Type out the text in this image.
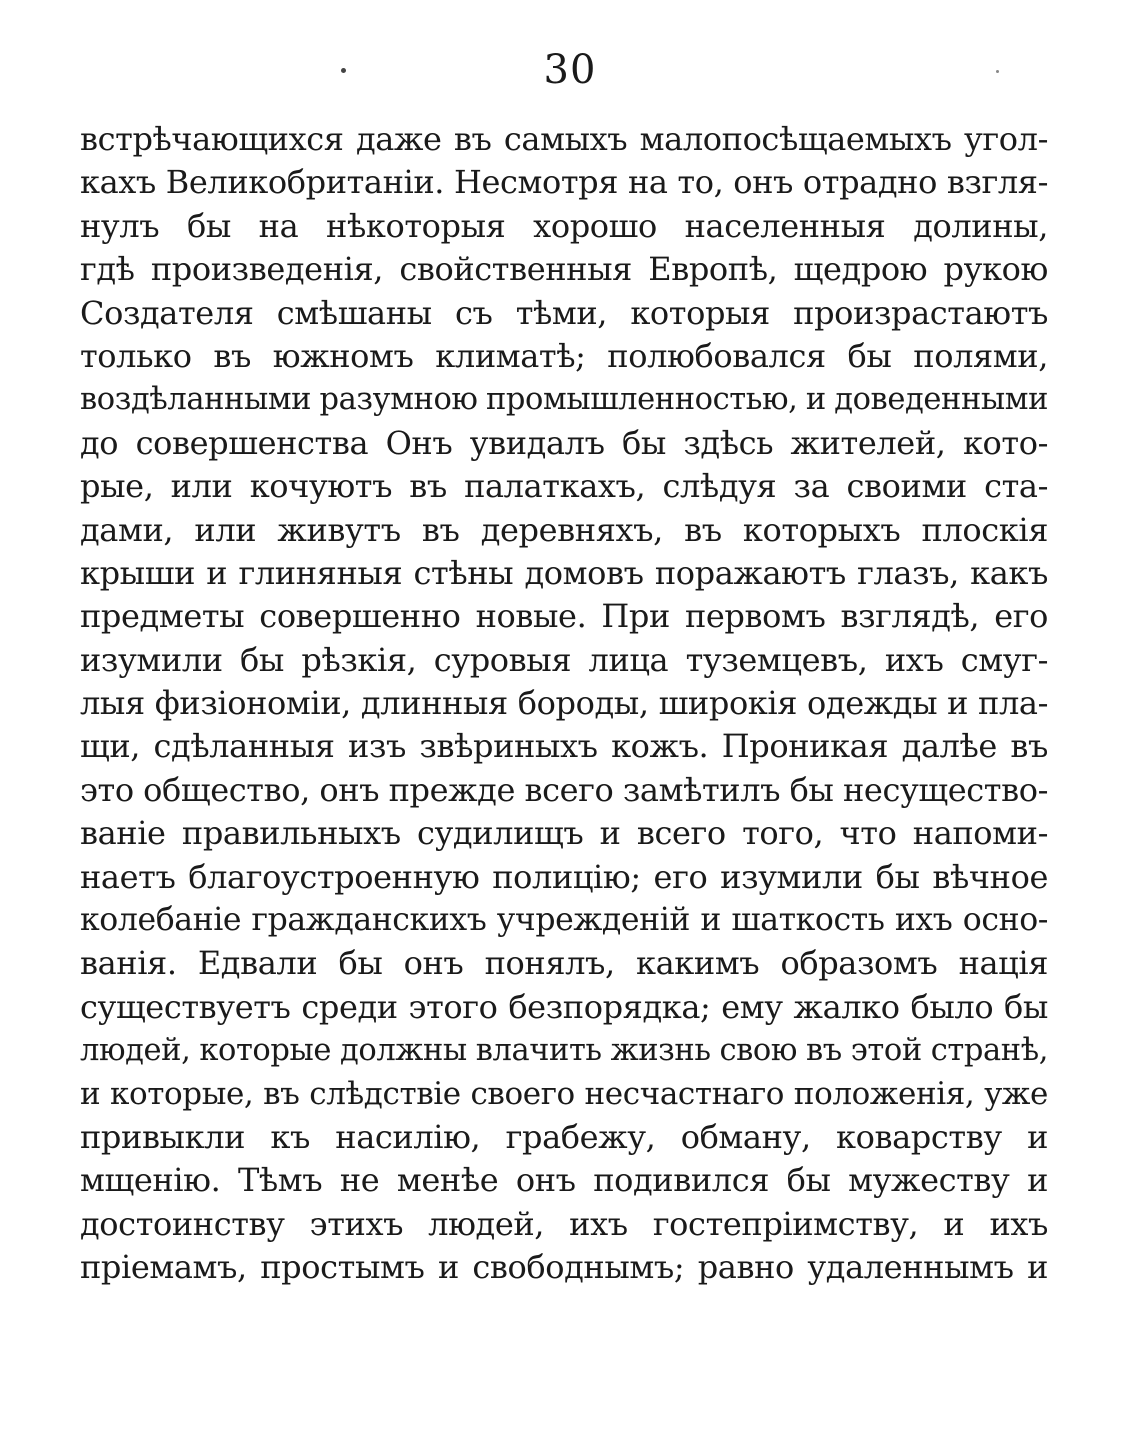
30
встрѣчающихся даже въ самыхъ малопосѣщаемыхъ угол-
кахъ Великобританіи. Несмотря на то, онъ отрадно взгля-
нулъ бы на нѣкоторыя хорошо населенныя долины,
гдѣ произведенія, свойственныя Европѣ, щедрою рукою
Создателя смѣшаны съ тѣми, которыя произрастаютъ
только въ южномъ климатѣ; полюбовался бы полями,
воздѣланными разумною промышленностью, и доведенными
до совершенства Онъ увидалъ бы здѣсь жителей, кото-
рые, или кочуютъ въ палаткахъ, слѣдуя за своими ста-
дами, или живутъ въ деревняхъ, въ которыхъ плоскія
крыши и глиняныя стѣны домовъ поражаютъ глазъ, какъ
предметы совершенно новые. При первомъ взглядѣ, его
изумили бы рѣзкія, суровыя лица туземцевъ, ихъ смуг-
лыя физіономіи, длинныя бороды, широкія одежды и пла-
щи, сдѣланныя изъ звѣриныхъ кожъ. Проникая далѣе въ
это общество, онъ прежде всего замѣтилъ бы несущество-
ваніе правильныхъ судилищъ и всего того, что напоми-
наетъ благоустроенную полицію; его изумили бы вѣчное
колебаніе гражданскихъ учрежденій и шаткость ихъ осно-
ванія. Едвали бы онъ понялъ, какимъ образомъ нація
существуетъ среди этого безпорядка; ему жалко было бы
людей, которые должны влачить жизнь свою въ этой странѣ,
и которые, въ слѣдствіе своего несчастнаго положенія, уже
привыкли къ насилію, грабежу, обману, коварству и
мщенію. Тѣмъ не менѣе онъ подивился бы мужеству и
достоинству этихъ людей, ихъ гостепріимству, и ихъ
пріемамъ, простымъ и свободнымъ; равно удаленнымъ и
